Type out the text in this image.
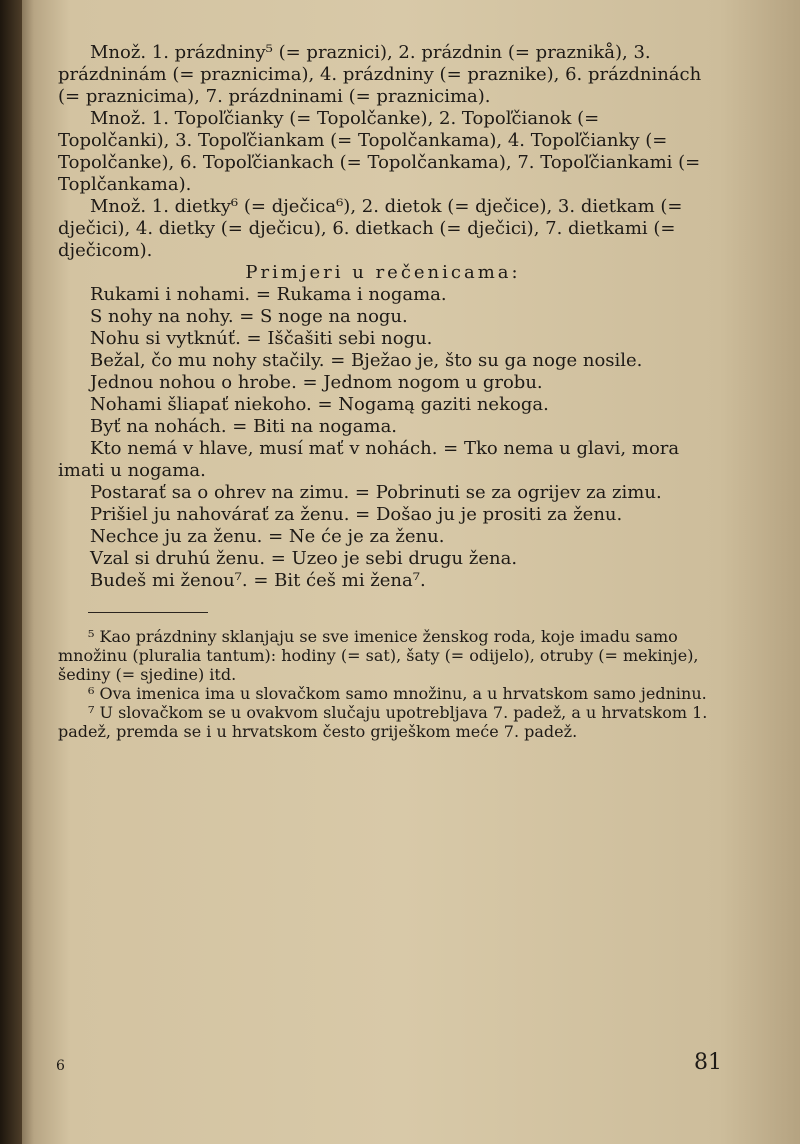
Množ. 1. prázdniny⁵ (= praznici), 2. prázdnin (= praznikå), 3. prázdninám (= praznicima), 4. prázdniny (= praznike), 6. prázdninách (= praznicima), 7. prázdninami (= praznicima).

Množ. 1. Topoľčianky (= Topolčanke), 2. Topoľčianok (= Topolčanki), 3. Topoľčiankam (= Topolčankama), 4. Topoľčianky (= Topolčanke), 6. Topoľčiankach (= Topolčankama), 7. Topoľčiankami (= Toplčankama).

Množ. 1. dietky⁶ (= dječica⁶), 2. dietok (= dječice), 3. dietkam (= dječici), 4. dietky (= dječicu), 6. dietkach (= dječici), 7. dietkami (= dječicom).

Primjeri u rečenicama:

Rukami i nohami. = Rukama i nogama.

S nohy na nohy. = S noge na nogu.

Nohu si vytknúť. = Iščašiti sebi nogu.

Bežal, čo mu nohy stačily. = Bježao je, što su ga noge nosile.

Jednou nohou o hrobe. = Jednom nogom u grobu.

Nohami šliapať niekoho. = Nogamą gaziti nekoga.

Byť na nohách. = Biti na nogama.

Kto nemá v hlave, musí mať v nohách. = Tko nema u glavi, mora imati u nogama.

Postarať sa o ohrev na zimu. = Pobrinuti se za ogrijev za zimu.

Prišiel ju nahovárať za ženu. = Došao ju je prositi za ženu.

Nechce ju za ženu. = Ne će je za ženu.

Vzal si druhú ženu. = Uzeo je sebi drugu žena.

Budeš mi ženou⁷. = Bit ćeš mi žena⁷.

⁵ Kao prázdniny sklanjaju se sve imenice ženskog roda, koje imadu samo množinu (pluralia tantum): hodiny (= sat), šaty (= odijelo), otruby (= mekinje), šediny (= sjedine) itd.

⁶ Ova imenica ima u slovačkom samo množinu, a u hrvatskom samo jedninu.

⁷ U slovačkom se u ovakvom slučaju upotrebljava 7. padež, a u hrvatskom 1. padež, premda se i u hrvatskom često griješkom meće 7. padež.

6	81
